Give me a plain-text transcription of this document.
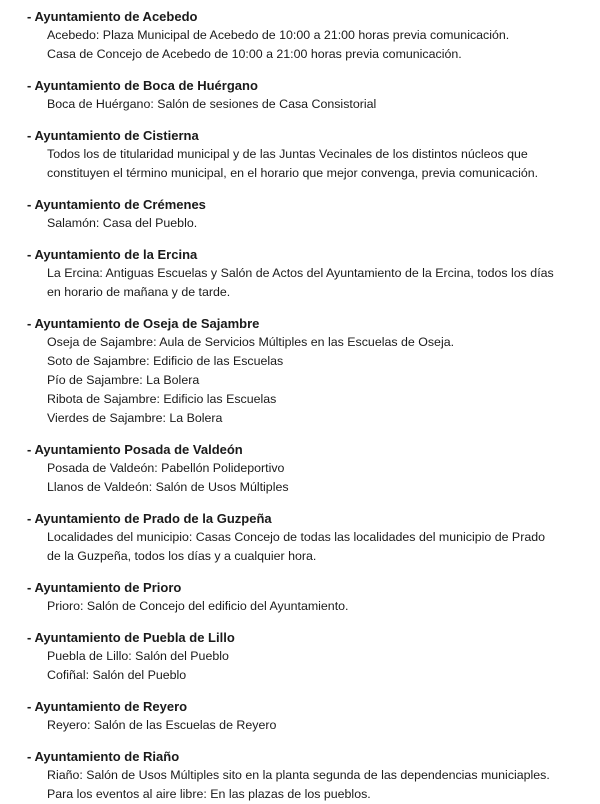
- Ayuntamiento de Acebedo
Acebedo: Plaza Municipal de Acebedo de 10:00 a 21:00 horas previa comunicación.
Casa de Concejo de Acebedo de 10:00 a 21:00 horas previa comunicación.
- Ayuntamiento de Boca de Huérgano
Boca de Huérgano: Salón de sesiones de Casa Consistorial
- Ayuntamiento de Cistierna
Todos los de titularidad municipal y de las Juntas Vecinales de los distintos núcleos que
constituyen el término municipal, en el horario que mejor convenga, previa comunicación.
- Ayuntamiento de Crémenes
Salamón: Casa del Pueblo.
- Ayuntamiento de la Ercina
La Ercina: Antiguas Escuelas y Salón de Actos del Ayuntamiento de la Ercina, todos los días
en horario de mañana y de tarde.
- Ayuntamiento de Oseja de Sajambre
Oseja de Sajambre: Aula de Servicios Múltiples en las Escuelas de Oseja.
Soto de Sajambre: Edificio de las Escuelas
Pío de Sajambre: La Bolera
Ribota de Sajambre: Edificio las Escuelas
Vierdes de Sajambre: La Bolera
- Ayuntamiento Posada de Valdeón
Posada de Valdeón: Pabellón Polideportivo
Llanos de Valdeón: Salón de Usos Múltiples
- Ayuntamiento de Prado de la Guzpeña
Localidades del municipio: Casas Concejo de todas las localidades del municipio de Prado
de la Guzpeña, todos los días y a cualquier hora.
- Ayuntamiento de Prioro
Prioro: Salón de Concejo del edificio del Ayuntamiento.
- Ayuntamiento de Puebla de Lillo
Puebla de Lillo: Salón del Pueblo
Cofiñal: Salón del Pueblo
- Ayuntamiento de Reyero
Reyero: Salón de las Escuelas de Reyero
- Ayuntamiento de Riaño
Riaño: Salón de Usos Múltiples sito en la planta segunda de las dependencias municiaples.
Para los eventos al aire libre: En las plazas de los pueblos.
